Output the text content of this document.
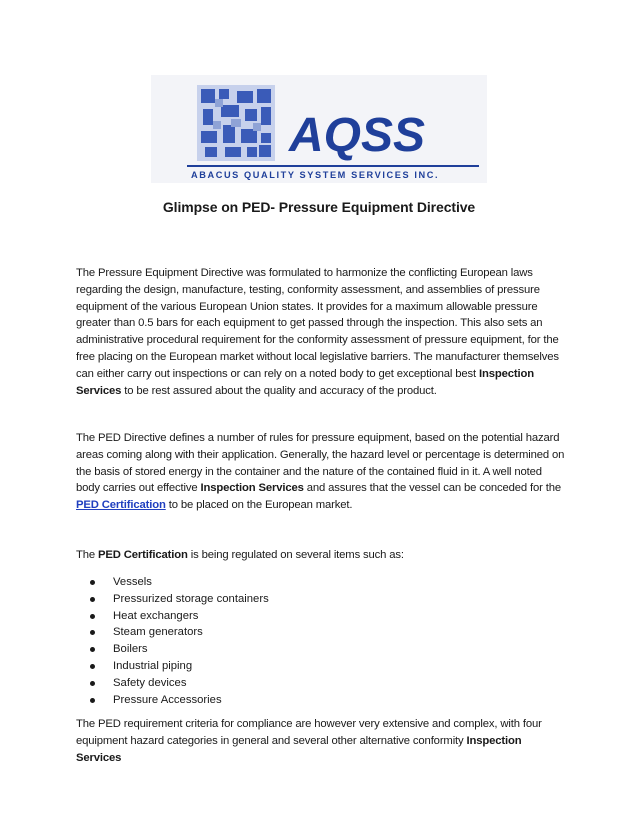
AQSS
ABACUS QUALITY SYSTEM SERVICES INC.
Glimpse on PED- Pressure Equipment Directive
The Pressure Equipment Directive was formulated to harmonize the conflicting European laws regarding the design, manufacture, testing, conformity assessment, and assemblies of pressure equipment of the various European Union states. It provides for a maximum allowable pressure greater than 0.5 bars for each equipment to get passed through the inspection. This also sets an administrative procedural requirement for the conformity assessment of pressure equipment, for the free placing on the European market without local legislative barriers. The manufacturer themselves can either carry out inspections or can rely on a noted body to get exceptional best Inspection Services to be rest assured about the quality and accuracy of the product.
The PED Directive defines a number of rules for pressure equipment, based on the potential hazard areas coming along with their application. Generally, the hazard level or percentage is determined on the basis of stored energy in the container and the nature of the contained fluid in it. A well noted body carries out effective Inspection Services and assures that the vessel can be conceded for the PED Certification to be placed on the European market.
The PED Certification is being regulated on several items such as:
Vessels
Pressurized storage containers
Heat exchangers
Steam generators
Boilers
Industrial piping
Safety devices
Pressure Accessories
The PED requirement criteria for compliance are however very extensive and complex, with four equipment hazard categories in general and several other alternative conformity Inspection Services
